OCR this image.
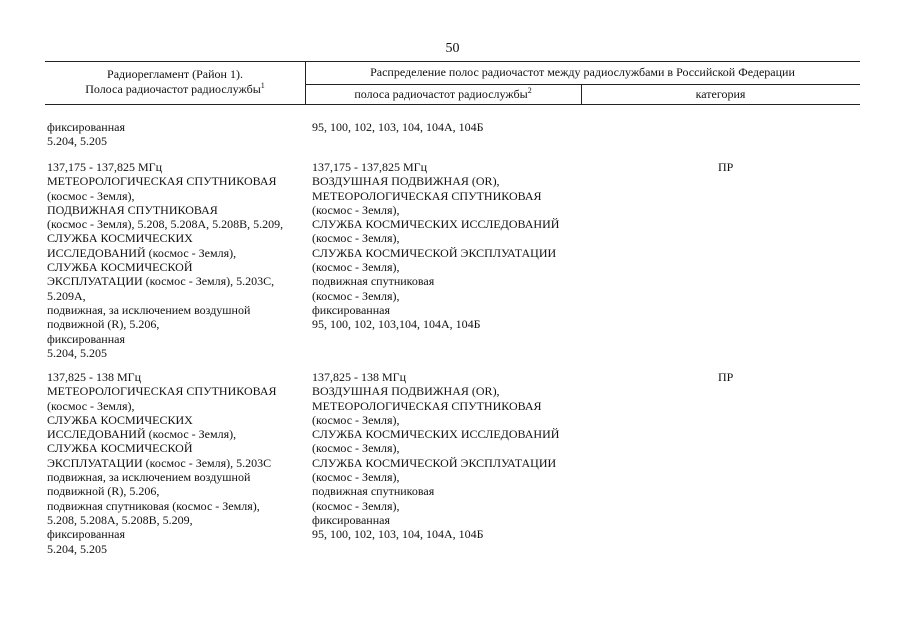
50
Радиорегламент (Район 1).
Полоса радиочастот радиослужбы$^1$
Распределение полос радиочастот между радиослужбами в Российской Федерации
полоса радиочастот радиослужбы$^2$	категория
фиксированная
5.204, 5.205
95, 100, 102, 103, 104, 104А, 104Б
137,175 - 137,825 МГц
МЕТЕОРОЛОГИЧЕСКАЯ СПУТНИКОВАЯ
(космос - Земля),
ПОДВИЖНАЯ СПУТНИКОВАЯ
(космос - Земля), 5.208, 5.208А, 5.208В, 5.209,
СЛУЖБА КОСМИЧЕСКИХ
ИССЛЕДОВАНИЙ (космос - Земля),
СЛУЖБА КОСМИЧЕСКОЙ
ЭКСПЛУАТАЦИИ (космос - Земля), 5.203С,
5.209А,
подвижная, за исключением воздушной
подвижной (R), 5.206,
фиксированная
5.204, 5.205
137,175 - 137,825 МГц
ВОЗДУШНАЯ ПОДВИЖНАЯ (OR),
МЕТЕОРОЛОГИЧЕСКАЯ СПУТНИКОВАЯ
(космос - Земля),
СЛУЖБА КОСМИЧЕСКИХ ИССЛЕДОВАНИЙ
(космос - Земля),
СЛУЖБА КОСМИЧЕСКОЙ ЭКСПЛУАТАЦИИ
(космос - Земля),
подвижная спутниковая
(космос - Земля),
фиксированная
95, 100, 102, 103,104, 104А, 104Б
ПР
137,825 - 138 МГц
МЕТЕОРОЛОГИЧЕСКАЯ СПУТНИКОВАЯ
(космос - Земля),
СЛУЖБА КОСМИЧЕСКИХ
ИССЛЕДОВАНИЙ (космос - Земля),
СЛУЖБА КОСМИЧЕСКОЙ
ЭКСПЛУАТАЦИИ (космос - Земля), 5.203С
подвижная, за исключением воздушной
подвижной (R), 5.206,
подвижная спутниковая (космос - Земля),
5.208, 5.208А, 5.208В, 5.209,
фиксированная
5.204, 5.205
137,825 - 138 МГц
ВОЗДУШНАЯ ПОДВИЖНАЯ (OR),
МЕТЕОРОЛОГИЧЕСКАЯ СПУТНИКОВАЯ
(космос - Земля),
СЛУЖБА КОСМИЧЕСКИХ ИССЛЕДОВАНИЙ
(космос - Земля),
СЛУЖБА КОСМИЧЕСКОЙ ЭКСПЛУАТАЦИИ
(космос - Земля),
подвижная спутниковая
(космос - Земля),
фиксированная
95, 100, 102, 103, 104, 104А, 104Б
ПР
